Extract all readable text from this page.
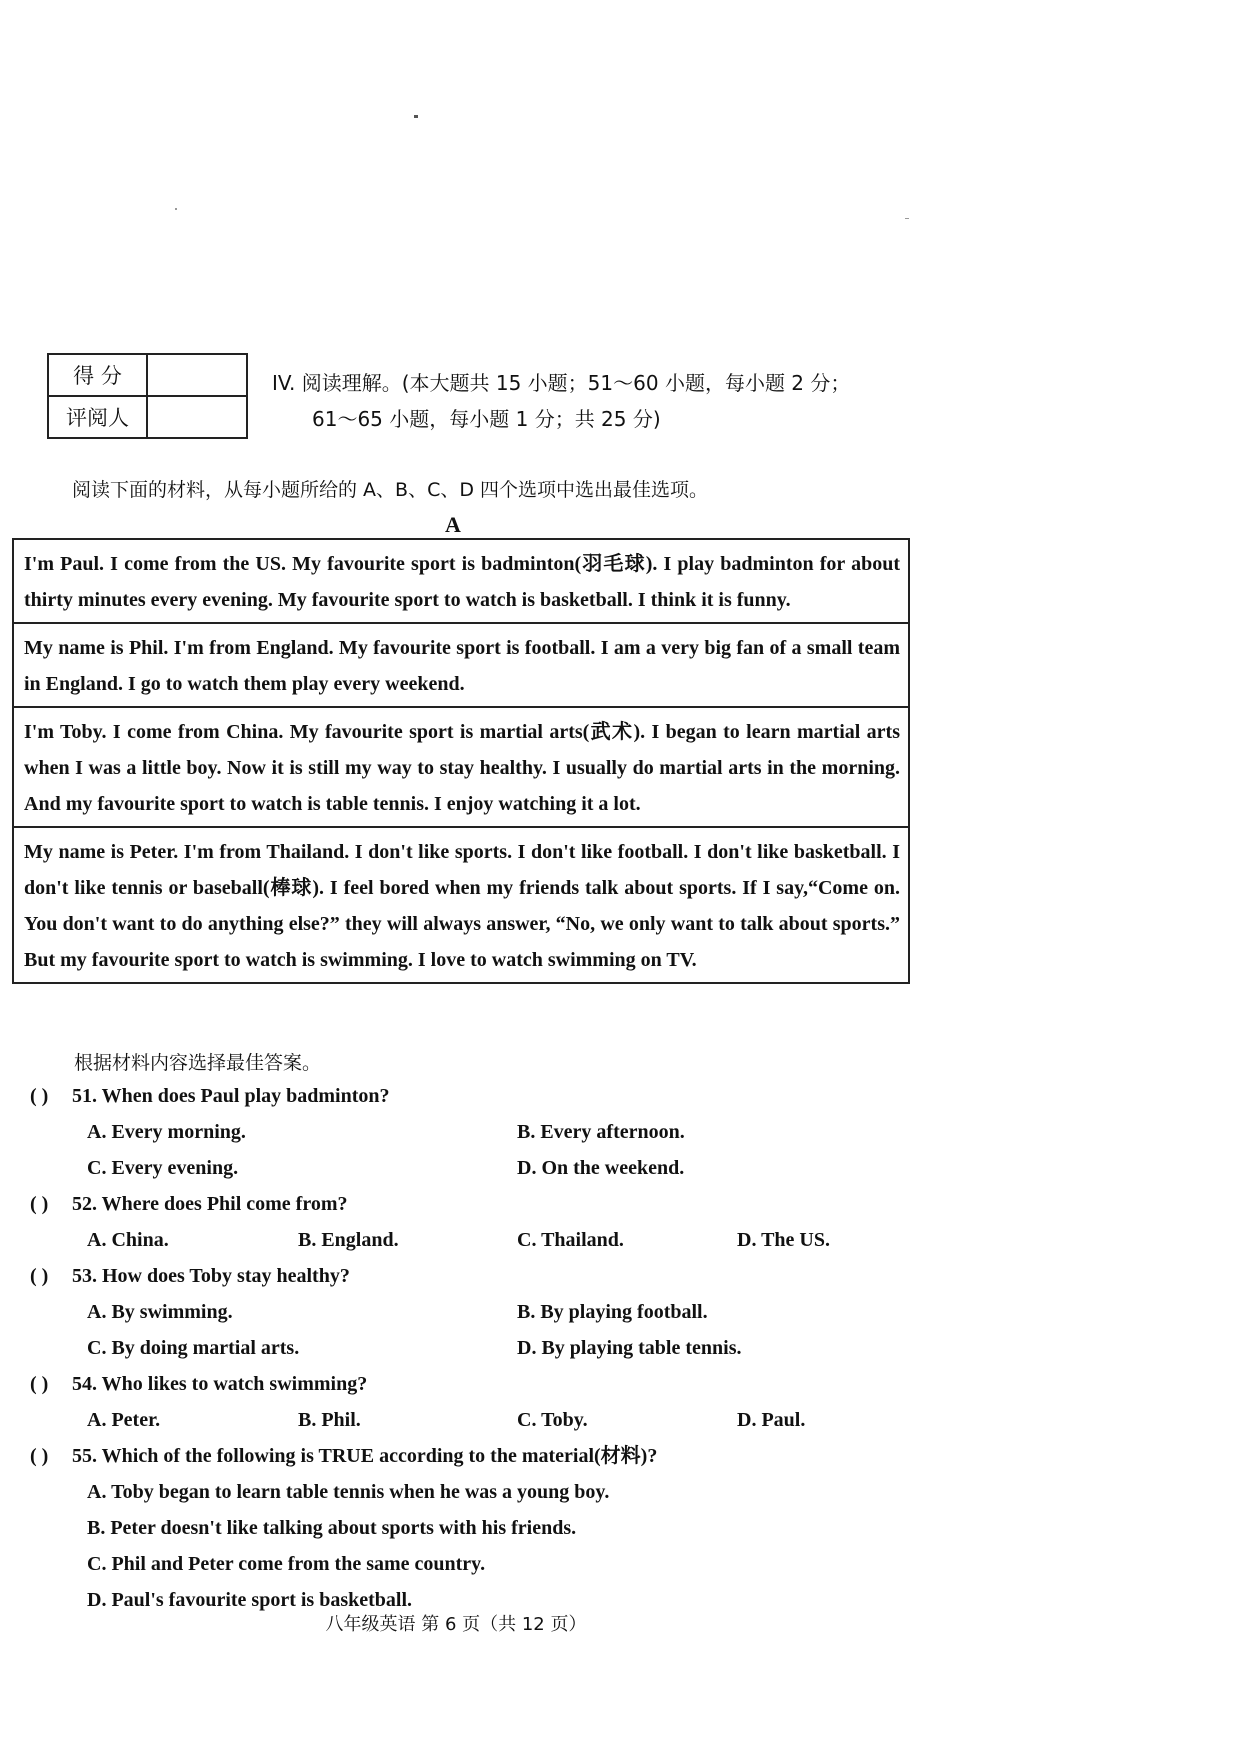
得 分	
评阅人	
IV. 阅读理解。(本大题共 15 小题；51～60 小题，每小题 2 分；
61～65 小题，每小题 1 分；共 25 分)
阅读下面的材料，从每小题所给的 A、B、C、D 四个选项中选出最佳选项。
A
I'm Paul. I come from the US. My favourite sport is badminton(羽毛球). I play badminton for about thirty minutes every evening. My favourite sport to watch is basketball. I think it is funny.
My name is Phil. I'm from England. My favourite sport is football. I am a very big fan of a small team in England. I go to watch them play every weekend.
I'm Toby. I come from China. My favourite sport is martial arts(武术). I began to learn martial arts when I was a little boy. Now it is still my way to stay healthy. I usually do martial arts in the morning. And my favourite sport to watch is table tennis. I enjoy watching it a lot.
My name is Peter. I'm from Thailand. I don't like sports. I don't like football. I don't like basketball. I don't like tennis or baseball(棒球). I feel bored when my friends talk about sports. If I say,“Come on. You don't want to do anything else?” they will always answer, “No, we only want to talk about sports.” But my favourite sport to watch is swimming. I love to watch swimming on TV.
根据材料内容选择最佳答案。
( ) 51. When does Paul play badminton?
A. Every morning.	B. Every afternoon.
C. Every evening.	D. On the weekend.
( ) 52. Where does Phil come from?
A. China.	B. England.	C. Thailand.	D. The US.
( ) 53. How does Toby stay healthy?
A. By swimming.	B. By playing football.
C. By doing martial arts.	D. By playing table tennis.
( ) 54. Who likes to watch swimming?
A. Peter.	B. Phil.	C. Toby.	D. Paul.
( ) 55. Which of the following is TRUE according to the material(材料)?
A. Toby began to learn table tennis when he was a young boy.
B. Peter doesn't like talking about sports with his friends.
C. Phil and Peter come from the same country.
D. Paul's favourite sport is basketball.
八年级英语 第 6 页（共 12 页）
